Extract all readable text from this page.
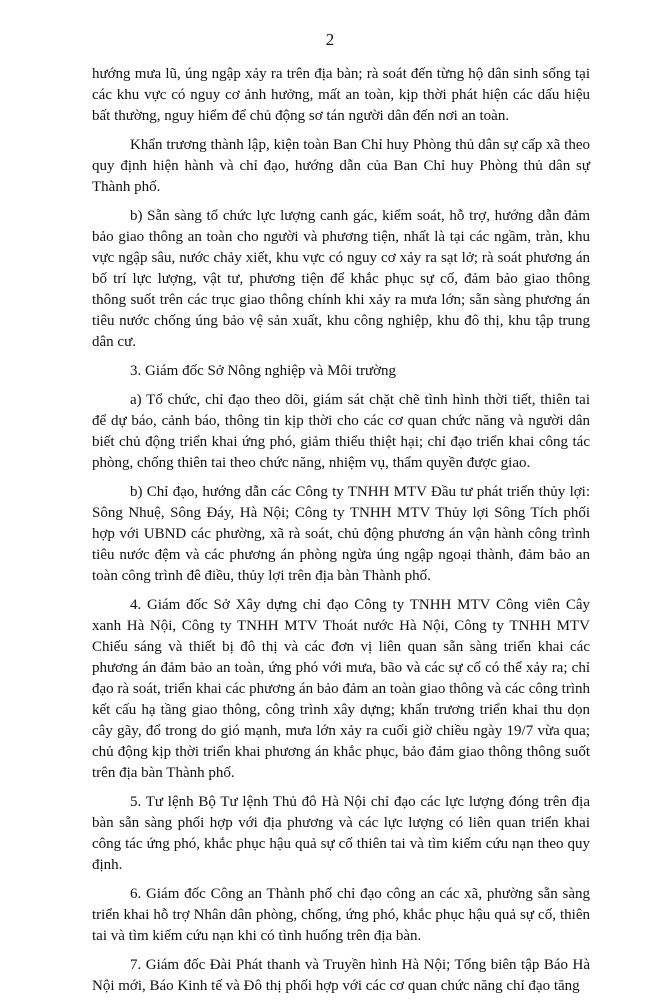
2

hướng mưa lũ, úng ngập xảy ra trên địa bàn; rà soát đến từng hộ dân sinh sống tại các khu vực có nguy cơ ảnh hưởng, mất an toàn, kịp thời phát hiện các dấu hiệu bất thường, nguy hiểm để chủ động sơ tán người dân đến nơi an toàn.

Khẩn trương thành lập, kiện toàn Ban Chỉ huy Phòng thủ dân sự cấp xã theo quy định hiện hành và chỉ đạo, hướng dẫn của Ban Chỉ huy Phòng thủ dân sự Thành phố.

b) Sẵn sàng tổ chức lực lượng canh gác, kiểm soát, hỗ trợ, hướng dẫn đảm bảo giao thông an toàn cho người và phương tiện, nhất là tại các ngầm, tràn, khu vực ngập sâu, nước chảy xiết, khu vực có nguy cơ xảy ra sạt lở; rà soát phương án bố trí lực lượng, vật tư, phương tiện để khắc phục sự cố, đảm bảo giao thông thông suốt trên các trục giao thông chính khi xảy ra mưa lớn; sẵn sàng phương án tiêu nước chống úng bảo vệ sản xuất, khu công nghiệp, khu đô thị, khu tập trung dân cư.

3. Giám đốc Sở Nông nghiệp và Môi trường

a) Tổ chức, chỉ đạo theo dõi, giám sát chặt chẽ tình hình thời tiết, thiên tai để dự báo, cảnh báo, thông tin kịp thời cho các cơ quan chức năng và người dân biết chủ động triển khai ứng phó, giảm thiểu thiệt hại; chỉ đạo triển khai công tác phòng, chống thiên tai theo chức năng, nhiệm vụ, thẩm quyền được giao.

b) Chỉ đạo, hướng dẫn các Công ty TNHH MTV Đầu tư phát triển thủy lợi: Sông Nhuệ, Sông Đáy, Hà Nội; Công ty TNHH MTV Thủy lợi Sông Tích phối hợp với UBND các phường, xã rà soát, chủ động phương án vận hành công trình tiêu nước đệm và các phương án phòng ngừa úng ngập ngoại thành, đảm bảo an toàn công trình đê điều, thủy lợi trên địa bàn Thành phố.

4. Giám đốc Sở Xây dựng chỉ đạo Công ty TNHH MTV Công viên Cây xanh Hà Nội, Công ty TNHH MTV Thoát nước Hà Nội, Công ty TNHH MTV Chiếu sáng và thiết bị đô thị và các đơn vị liên quan sẵn sàng triển khai các phương án đảm bảo an toàn, ứng phó với mưa, bão và các sự cố có thể xảy ra; chỉ đạo rà soát, triển khai các phương án bảo đảm an toàn giao thông và các công trình kết cấu hạ tầng giao thông, công trình xây dựng; khẩn trương triển khai thu dọn cây gãy, đổ trong do gió mạnh, mưa lớn xảy ra cuối giờ chiều ngày 19/7 vừa qua; chủ động kịp thời triển khai phương án khắc phục, bảo đảm giao thông thông suốt trên địa bàn Thành phố.

5. Tư lệnh Bộ Tư lệnh Thủ đô Hà Nội chỉ đạo các lực lượng đóng trên địa bàn sẵn sàng phối hợp với địa phương và các lực lượng có liên quan triển khai công tác ứng phó, khắc phục hậu quả sự cố thiên tai và tìm kiếm cứu nạn theo quy định.

6. Giám đốc Công an Thành phố chỉ đạo công an các xã, phường sẵn sàng triển khai hỗ trợ Nhân dân phòng, chống, ứng phó, khắc phục hậu quả sự cố, thiên tai và tìm kiếm cứu nạn khi có tình huống trên địa bàn.

7. Giám đốc Đài Phát thanh và Truyền hình Hà Nội; Tổng biên tập Báo Hà Nội mới, Báo Kinh tế và Đô thị phối hợp với các cơ quan chức năng chỉ đạo tăng
